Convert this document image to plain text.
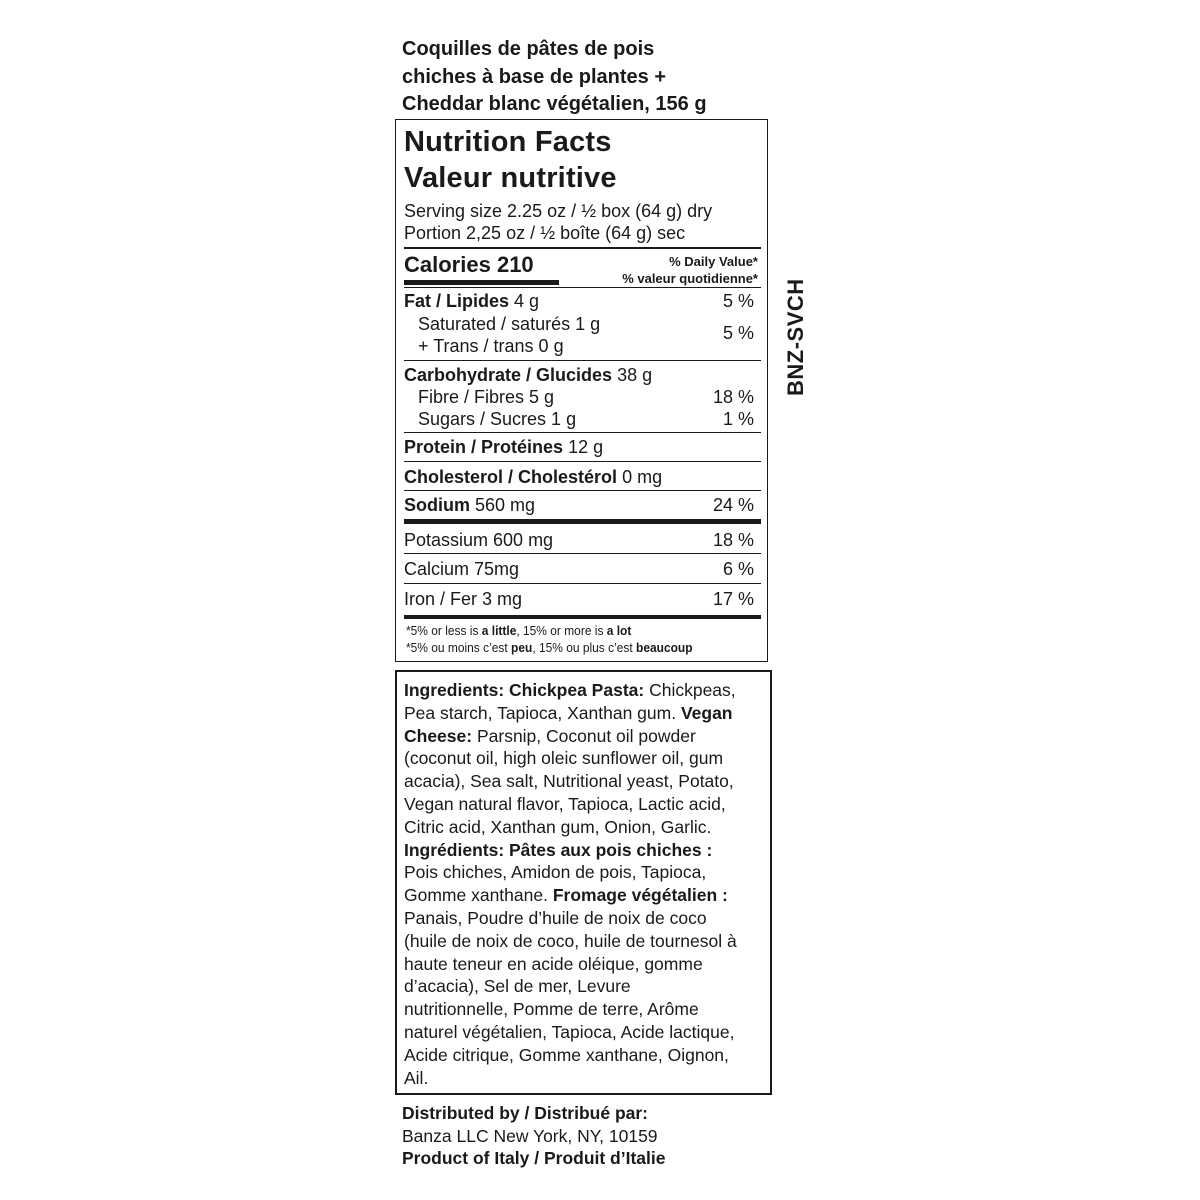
Coquilles de pâtes de pois
chiches à base de plantes +
Cheddar blanc végétalien, 156 g
Nutrition Facts
Valeur nutritive
Serving size 2.25 oz / ½ box (64 g) dry
Portion 2,25 oz / ½ boîte (64 g) sec
Calories 210	% Daily Value*
% valeur quotidienne*
Fat / Lipides 4 g	5 %
Saturated / saturés 1 g	5 %
+ Trans / trans 0 g
Carbohydrate / Glucides 38 g
Fibre / Fibres 5 g	18 %
Sugars / Sucres 1 g	1 %
Protein / Protéines 12 g
Cholesterol / Cholestérol 0 mg
Sodium 560 mg	24 %
Potassium 600 mg	18 %
Calcium 75mg	6 %
Iron / Fer 3 mg	17 %
*5% or less is a little, 15% or more is a lot
*5% ou moins c’est peu, 15% ou plus c’est beaucoup
BNZ-SVCH
Ingredients: Chickpea Pasta: Chickpeas,
Pea starch, Tapioca, Xanthan gum. Vegan
Cheese: Parsnip, Coconut oil powder
(coconut oil, high oleic sunflower oil, gum
acacia), Sea salt, Nutritional yeast, Potato,
Vegan natural flavor, Tapioca, Lactic acid,
Citric acid, Xanthan gum, Onion, Garlic.
Ingrédients: Pâtes aux pois chiches :
Pois chiches, Amidon de pois, Tapioca,
Gomme xanthane. Fromage végétalien :
Panais, Poudre d’huile de noix de coco
(huile de noix de coco, huile de tournesol à
haute teneur en acide oléique, gomme
d’acacia), Sel de mer, Levure
nutritionnelle, Pomme de terre, Arôme
naturel végétalien, Tapioca, Acide lactique,
Acide citrique, Gomme xanthane, Oignon,
Ail.
Distributed by / Distribué par:
Banza LLC New York, NY, 10159
Product of Italy / Produit d’Italie
